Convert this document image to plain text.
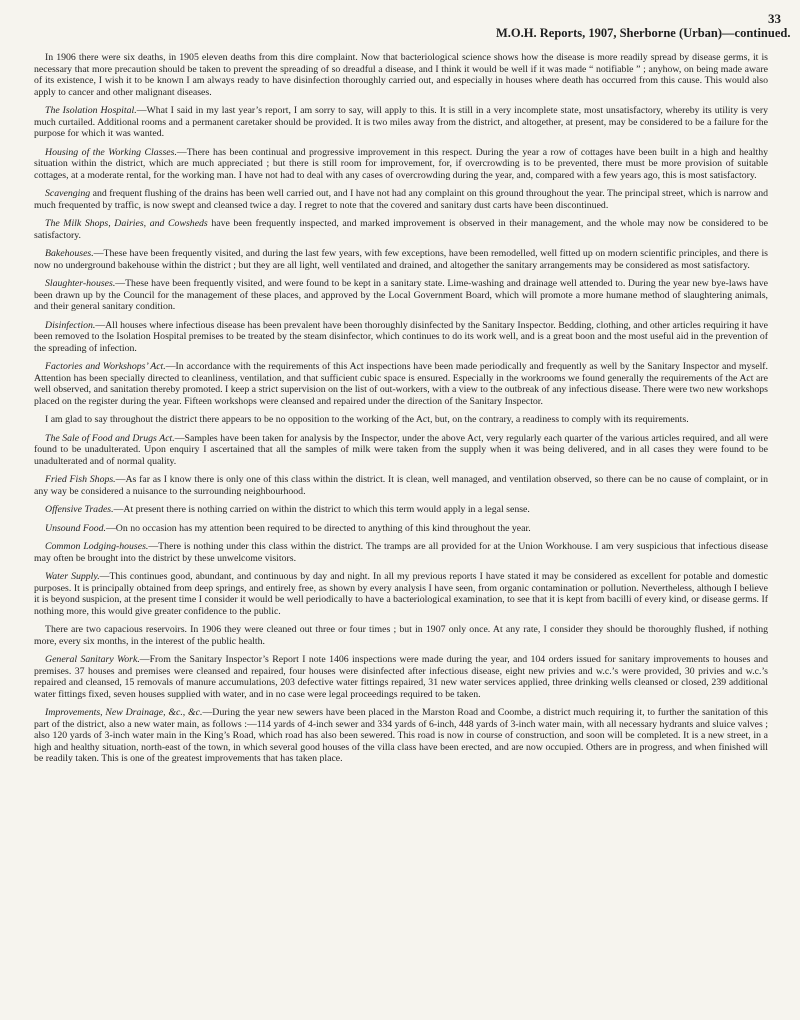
33
M.O.H. Reports, 1907, Sherborne (Urban)—continued.

In 1906 there were six deaths, in 1905 eleven deaths from this dire complaint. Now that bacteriological science shows how the disease is more readily spread by disease germs, it is necessary that more precaution should be taken to prevent the spreading of so dreadful a disease, and I think it would be well if it was made “ notifiable ” ; anyhow, on being made aware of its existence, I wish it to be known I am always ready to have disinfection thoroughly carried out, and especially in houses where death has occurred from this cause. This would also apply to cancer and other malignant diseases.

The Isolation Hospital.—What I said in my last year’s report, I am sorry to say, will apply to this. It is still in a very incomplete state, most unsatisfactory, whereby its utility is very much curtailed. Additional rooms and a permanent caretaker should be provided. It is two miles away from the district, and altogether, at present, may be considered to be a failure for the purpose for which it was wanted.

Housing of the Working Classes.—There has been continual and progressive improvement in this respect. During the year a row of cottages have been built in a high and healthy situation within the district, which are much appreciated ; but there is still room for improvement, for, if overcrowding is to be prevented, there must be more provision of suitable cottages, at a moderate rental, for the working man. I have not had to deal with any cases of overcrowding during the year, and, compared with a few years ago, this is most satisfactory.

Scavenging and frequent flushing of the drains has been well carried out, and I have not had any complaint on this ground throughout the year. The principal street, which is narrow and much frequented by traffic, is now swept and cleansed twice a day. I regret to note that the covered and sanitary dust carts have been discontinued.

The Milk Shops, Dairies, and Cowsheds have been frequently inspected, and marked improvement is observed in their management, and the whole may now be considered to be satisfactory.

Bakehouses.—These have been frequently visited, and during the last few years, with few exceptions, have been remodelled, well fitted up on modern scientific principles, and there is now no underground bakehouse within the district ; but they are all light, well ventilated and drained, and altogether the sanitary arrangements may be considered as most satisfactory.

Slaughter-houses.—These have been frequently visited, and were found to be kept in a sanitary state. Lime-washing and drainage well attended to. During the year new bye-laws have been drawn up by the Council for the management of these places, and approved by the Local Government Board, which will promote a more humane method of slaughtering animals, and their general sanitary condition.

Disinfection.—All houses where infectious disease has been prevalent have been thoroughly disinfected by the Sanitary Inspector. Bedding, clothing, and other articles requiring it have been removed to the Isolation Hospital premises to be treated by the steam disinfector, which continues to do its work well, and is a great boon and the most useful aid in the prevention of the spreading of infection.

Factories and Workshops’ Act.—In accordance with the requirements of this Act inspections have been made periodically and frequently as well by the Sanitary Inspector and myself. Attention has been specially directed to cleanliness, ventilation, and that sufficient cubic space is ensured. Especially in the workrooms we found generally the requirements of the Act are well observed, and sanitation thereby promoted. I keep a strict supervision on the list of out-workers, with a view to the outbreak of any infectious disease. There were two new workshops placed on the register during the year. Fifteen workshops were cleansed and repaired under the direction of the Sanitary Inspector.

I am glad to say throughout the district there appears to be no opposition to the working of the Act, but, on the contrary, a readiness to comply with its requirements.

The Sale of Food and Drugs Act.—Samples have been taken for analysis by the Inspector, under the above Act, very regularly each quarter of the various articles required, and all were found to be unadulterated. Upon enquiry I ascertained that all the samples of milk were taken from the supply when it was being delivered, and in all cases they were found to be unadulterated and of normal quality.

Fried Fish Shops.—As far as I know there is only one of this class within the district. It is clean, well managed, and ventilation observed, so there can be no cause of complaint, or in any way be considered a nuisance to the surrounding neighbourhood.

Offensive Trades.—At present there is nothing carried on within the district to which this term would apply in a legal sense.

Unsound Food.—On no occasion has my attention been required to be directed to anything of this kind throughout the year.

Common Lodging-houses.—There is nothing under this class within the district. The tramps are all provided for at the Union Workhouse. I am very suspicious that infectious disease may often be brought into the district by these unwelcome visitors.

Water Supply.—This continues good, abundant, and continuous by day and night. In all my previous reports I have stated it may be considered as excellent for potable and domestic purposes. It is principally obtained from deep springs, and entirely free, as shown by every analysis I have seen, from organic contamination or pollution. Nevertheless, although I believe it is beyond suspicion, at the present time I consider it would be well periodically to have a bacteriological examination, to see that it is kept from bacilli of every kind, or disease germs. If nothing more, this would give greater confidence to the public.

There are two capacious reservoirs. In 1906 they were cleaned out three or four times ; but in 1907 only once. At any rate, I consider they should be thoroughly flushed, if nothing more, every six months, in the interest of the public health.

General Sanitary Work.—From the Sanitary Inspector’s Report I note 1406 inspections were made during the year, and 104 orders issued for sanitary improvements to houses and premises. 37 houses and premises were cleansed and repaired, four houses were disinfected after infectious disease, eight new privies and w.c.’s were provided, 30 privies and w.c.’s repaired and cleansed, 15 removals of manure accumulations, 203 defective water fittings repaired, 31 new water services applied, three drinking wells cleansed or closed, 239 additional water fittings fixed, seven houses supplied with water, and in no case were legal proceedings required to be taken.

Improvements, New Drainage, &c., &c.—During the year new sewers have been placed in the Marston Road and Coombe, a district much requiring it, to further the sanitation of this part of the district, also a new water main, as follows :—114 yards of 4-inch sewer and 334 yards of 6-inch, 448 yards of 3-inch water main, with all necessary hydrants and sluice valves ; also 120 yards of 3-inch water main in the King’s Road, which road has also been sewered. This road is now in course of construction, and soon will be completed. It is a new street, in a high and healthy situation, north-east of the town, in which several good houses of the villa class have been erected, and are now occupied. Others are in progress, and when finished will be readily taken. This is one of the greatest improvements that has taken place.
